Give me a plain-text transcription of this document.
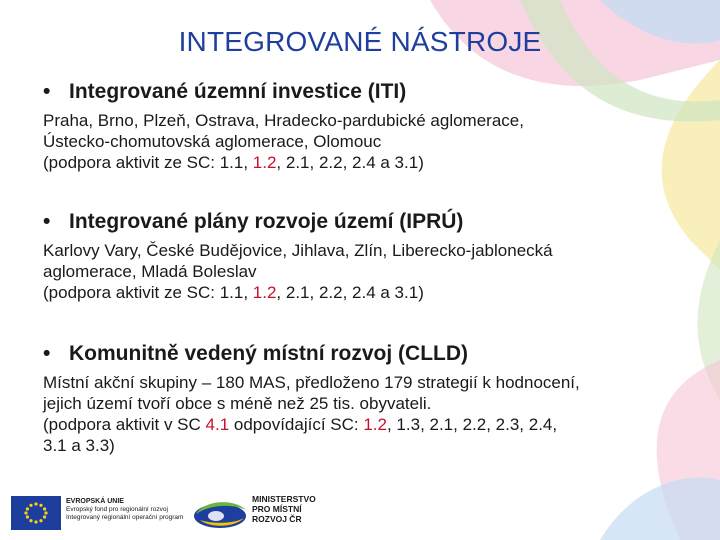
INTEGROVANÉ NÁSTROJE

• Integrované územní investice (ITI)

Praha, Brno, Plzeň, Ostrava, Hradecko-pardubické aglomerace,

Ústecko-chomutovská aglomerace, Olomouc

(podpora aktivit ze SC: 1.1, 1.2, 2.1, 2.2, 2.4 a 3.1)

• Integrované plány rozvoje území (IPRÚ)

Karlovy Vary, České Budějovice, Jihlava, Zlín, Liberecko-jablonecká

aglomerace, Mladá Boleslav

(podpora aktivit ze SC: 1.1, 1.2, 2.1, 2.2, 2.4 a 3.1)

• Komunitně vedený místní rozvoj (CLLD)

Místní akční skupiny – 180 MAS, předloženo 179 strategií k hodnocení,

jejich území tvoří obce s méně než 25 tis. obyvateli.

(podpora aktivit v SC 4.1 odpovídající SC: 1.2, 1.3, 2.1, 2.2, 2.3, 2.4,

3.1 a 3.3)

EVROPSKÁ UNIE
Evropský fond pro regionální rozvoj
Integrovaný regionální operační program
MINISTERSTVO
PRO MÍSTNÍ
ROZVOJ ČR
